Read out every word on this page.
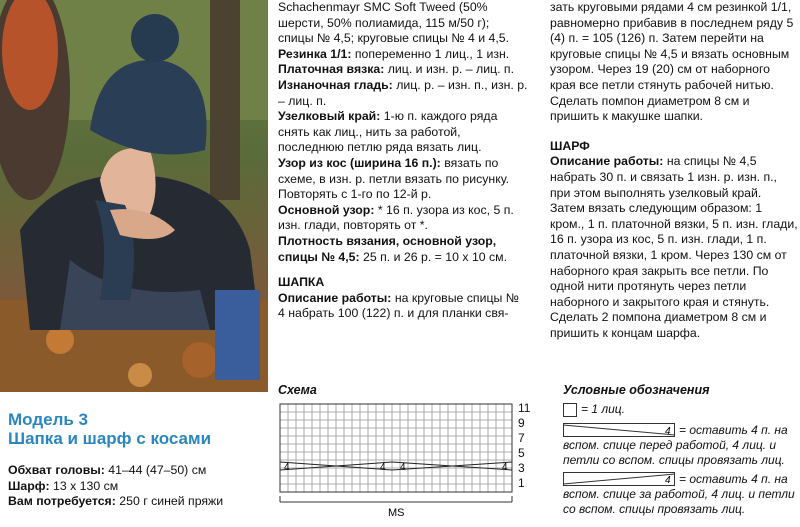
Модель 3
Шапка и шарф с косами

Обхват головы: 41–44 (47–50) см

Шарф: 13 х 130 см

Вам потребуется: 250 г синей пряжи

Schachenmayr SMC Soft Tweed (50% шерсти, 50% полиамида, 115 м/50 г); спицы № 4,5; круговые спицы № 4 и 4,5.

Резинка 1/1: попеременно 1 лиц., 1 изн.

Платочная вязка: лиц. и изн. р. – лиц. п.

Изнаночная гладь: лиц. р. – изн. п., изн. р. – лиц. п.

Узелковый край: 1-ю п. каждого ряда снять как лиц., нить за работой, последнюю петлю ряда вязать лиц.

Узор из кос (ширина 16 п.): вязать по схеме, в изн. р. петли вязать по рисунку. Повторять с 1-го по 12-й р.

Основной узор: * 16 п. узора из кос, 5 п. изн. глади, повторять от *.

Плотность вязания, основной узор, спицы № 4,5: 25 п. и 26 р. = 10 х 10 см.

ШАПКА

Описание работы: на круговые спицы № 4 набрать 100 (122) п. и для планки свя-

зать круговыми рядами 4 см резинкой 1/1, равномерно прибавив в последнем ряду 5 (4) п. = 105 (126) п. Затем перейти на круговые спицы № 4,5 и вязать основным узором. Через 19 (20) см от наборного края все петли стянуть рабочей нитью. Сделать помпон диаметром 8 см и пришить к макушке шапки.

ШАРФ

Описание работы: на спицы № 4,5 набрать 30 п. и связать 1 изн. р. изн. п., при этом выполнять узелковый край. Затем вязать следующим образом: 1 кром., 1 п. платочной вязки, 5 п. изн. глади, 16 п. узора из кос, 5 п. изн. глади, 1 п. платочной вязки, 1 кром. Через 130 см от наборного края закрыть все петли. По одной нити протянуть через петли наборного и закрытого края и стянуть. Сделать 2 помпона диаметром 8 см и пришить к концам шарфа.

Схема
4	4 4	4
11
9
7
5
3
1
MS
Условные обозначения
= 1 лиц.
4 = оставить 4 п. на вспом. спице перед работой, 4 лиц. и петли со вспом. спицы провязать лиц.
4 = оставить 4 п. на вспом. спице за работой, 4 лиц. и петли со вспом. спицы провязать лиц.
